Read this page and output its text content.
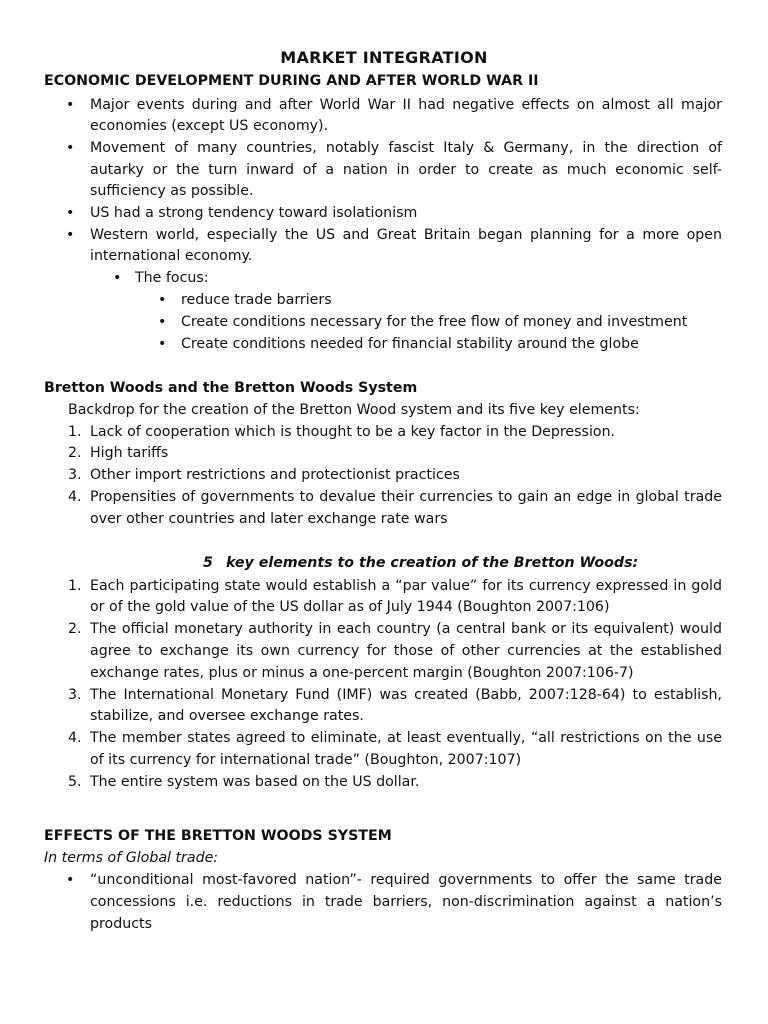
MARKET INTEGRATION
ECONOMIC DEVELOPMENT DURING AND AFTER WORLD WAR II
• Major events during and after World War II had negative effects on almost all major
economies (except US economy).
• Movement of many countries, notably fascist Italy & Germany, in the direction of
autarky or the turn inward of a nation in order to create as much economic self-
sufficiency as possible.
• US had a strong tendency toward isolationism
• Western world, especially the US and Great Britain began planning for a more open
international economy.
• The focus:
• reduce trade barriers
• Create conditions necessary for the free flow of money and investment
• Create conditions needed for financial stability around the globe
Bretton Woods and the Bretton Woods System
Backdrop for the creation of the Bretton Wood system and its five key elements:
1. Lack of cooperation which is thought to be a key factor in the Depression.
2. High tariffs
3. Other import restrictions and protectionist practices
4. Propensities of governments to devalue their currencies to gain an edge in global trade
over other countries and later exchange rate wars
5 key elements to the creation of the Bretton Woods:
1. Each participating state would establish a “par value” for its currency expressed in gold
or of the gold value of the US dollar as of July 1944 (Boughton 2007:106)
2. The official monetary authority in each country (a central bank or its equivalent) would
agree to exchange its own currency for those of other currencies at the established
exchange rates, plus or minus a one-percent margin (Boughton 2007:106-7)
3. The International Monetary Fund (IMF) was created (Babb, 2007:128-64) to establish,
stabilize, and oversee exchange rates.
4. The member states agreed to eliminate, at least eventually, “all restrictions on the use
of its currency for international trade” (Boughton, 2007:107)
5. The entire system was based on the US dollar.
EFFECTS OF THE BRETTON WOODS SYSTEM
In terms of Global trade:
• “unconditional most-favored nation”- required governments to offer the same trade
concessions i.e. reductions in trade barriers, non-discrimination against a nation’s
products
